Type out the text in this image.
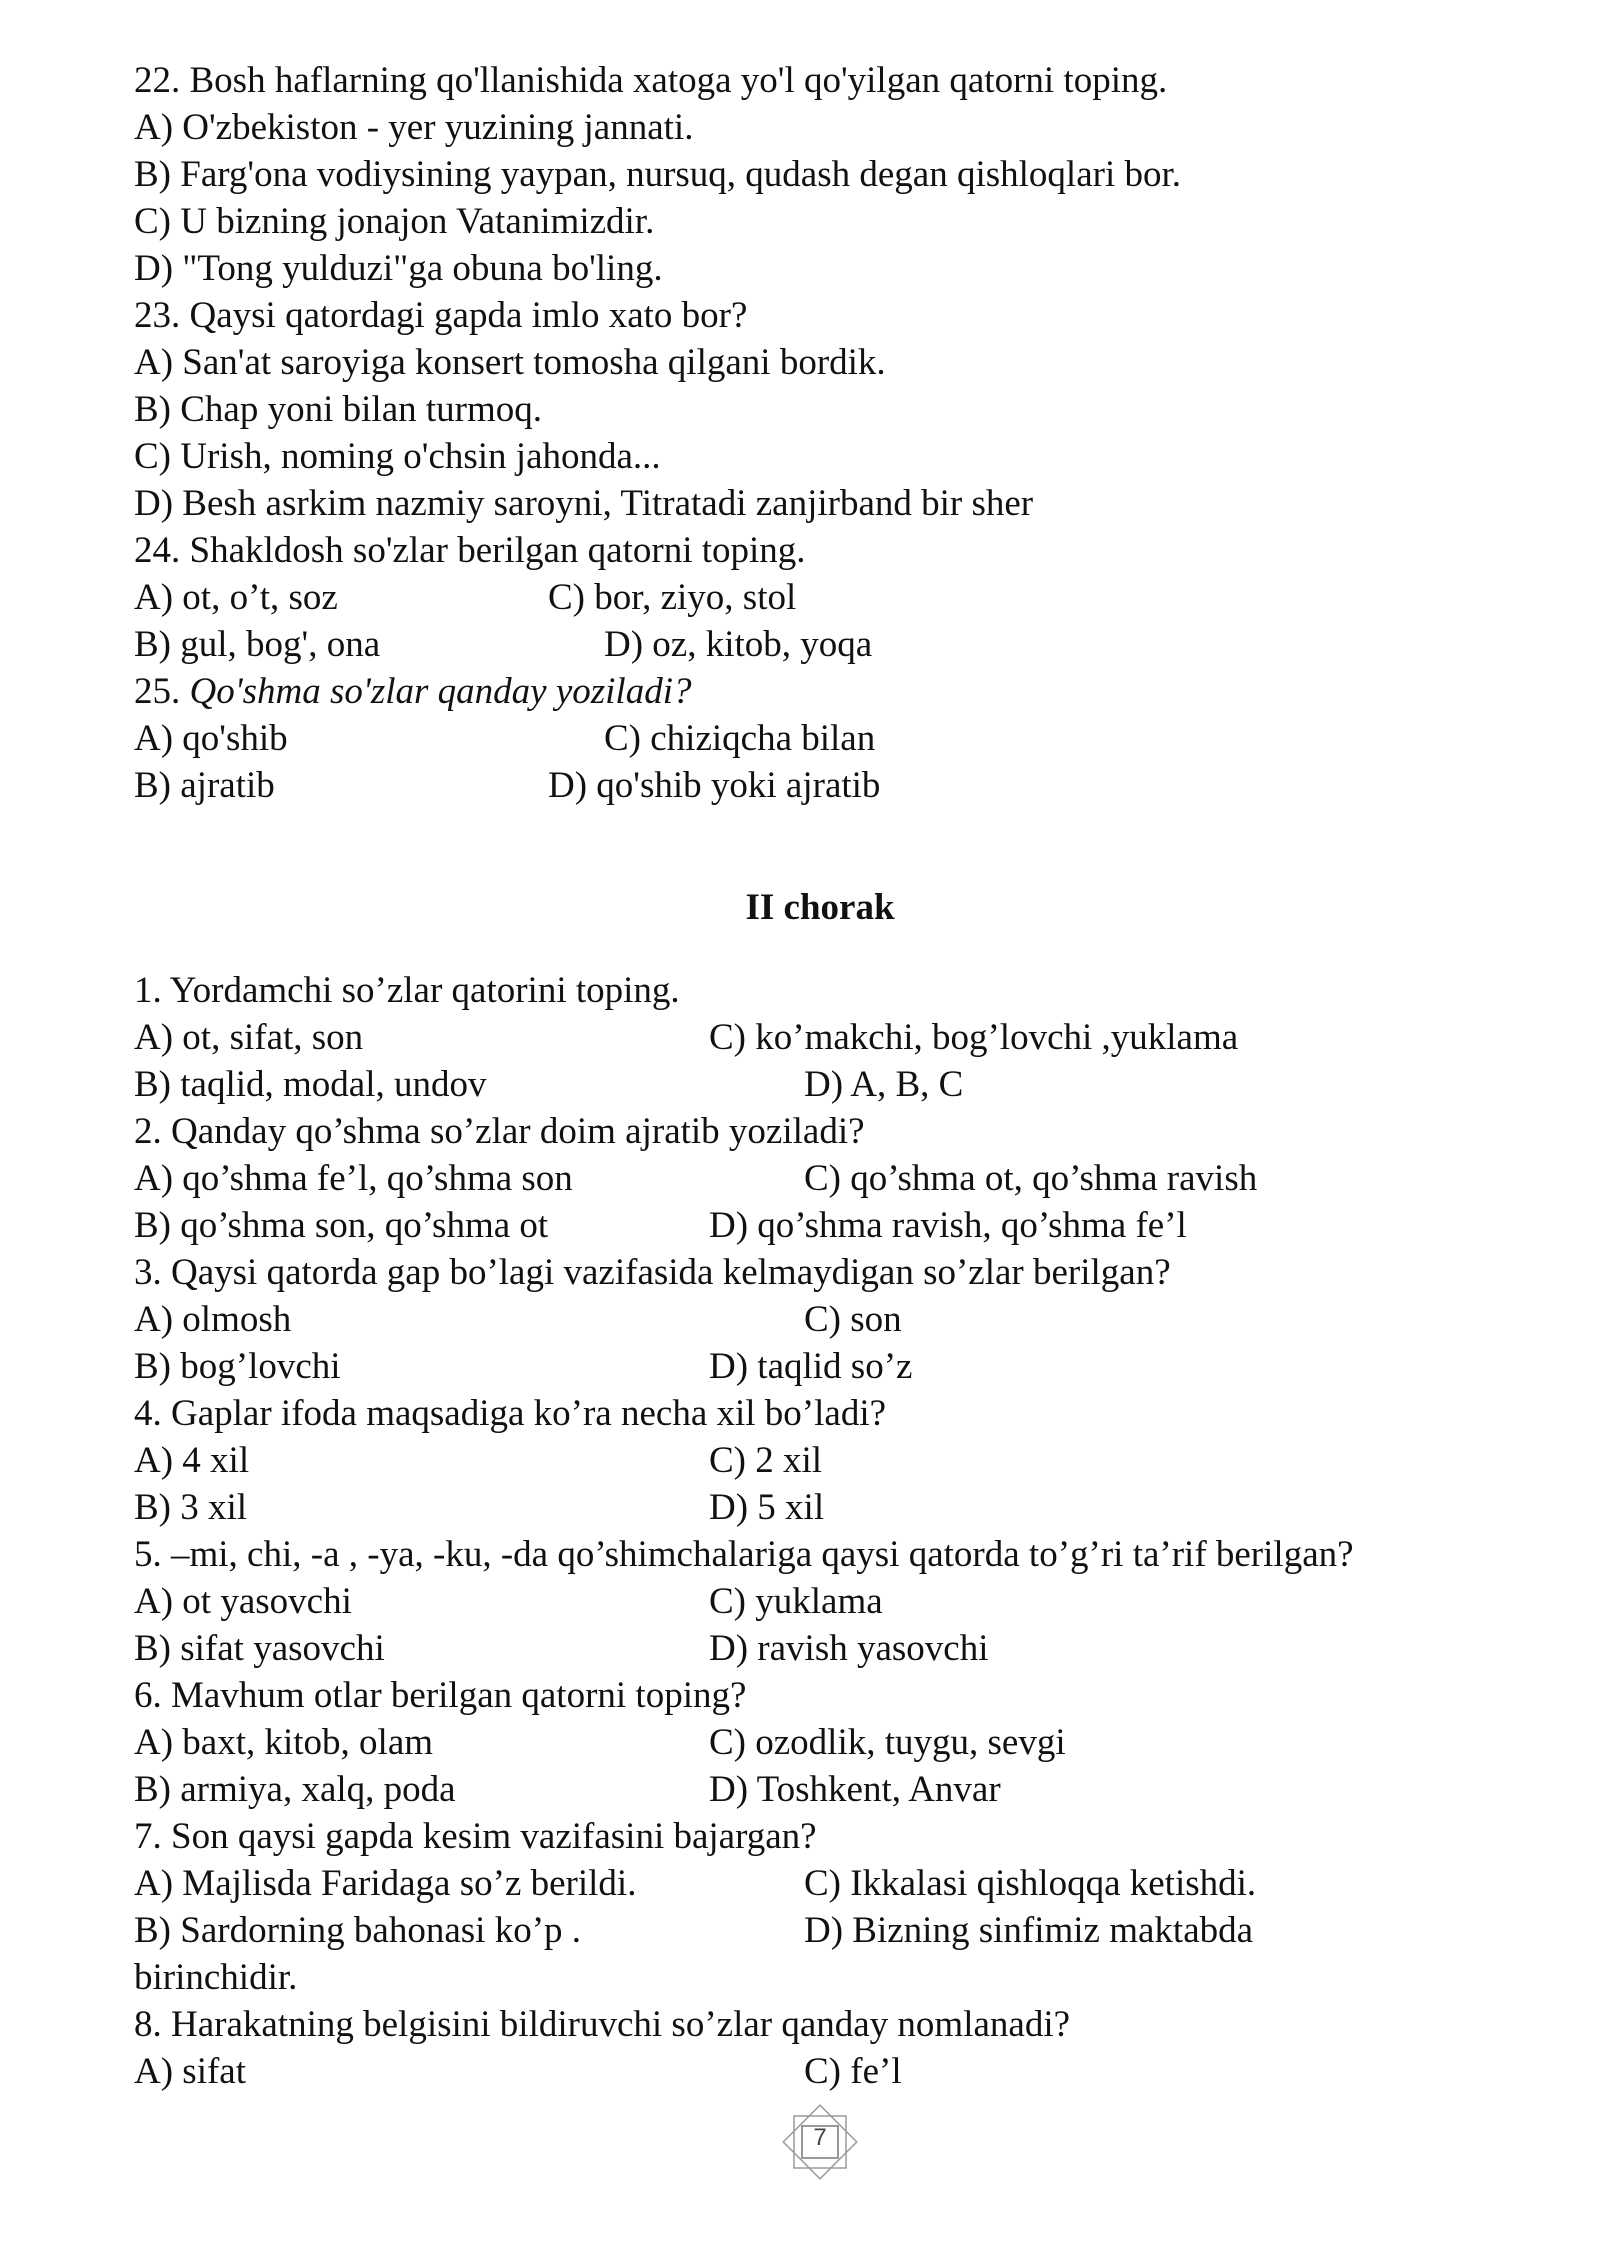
22. Bosh haflarning qo'llanishida xatoga yo'l qo'yilgan qatorni toping.
A) O'zbekiston - yer yuzining jannati.
B) Farg'ona vodiysining yaypan, nursuq, qudash degan qishloqlari bor.
C) U bizning jonajon Vatanimizdir.
D) "Tong yulduzi"ga obuna bo'ling.
23. Qaysi qatordagi gapda imlo xato bor?
A) San'at saroyiga konsert tomosha qilgani bordik.
B) Chap yoni bilan turmoq.
C) Urish, noming o'chsin jahonda...
D) Besh asrkim nazmiy saroyni, Titratadi zanjirband bir sher
24. Shakldosh so'zlar berilgan qatorni toping.
A) ot, o’t, soz	C) bor, ziyo, stol
B) gul, bog', ona	D) oz, kitob, yoqa
25. Qo'shma so'zlar qanday yoziladi?
A) qo'shib	C) chiziqcha bilan
B) ajratib	D) qo'shib yoki ajratib
II chorak
1. Yordamchi so’zlar qatorini toping.
A) ot, sifat, son	C) ko’makchi, bog’lovchi ,yuklama
B) taqlid, modal, undov	D) A, B, C
2. Qanday qo’shma so’zlar doim ajratib yoziladi?
A) qo’shma fe’l, qo’shma son	C) qo’shma ot, qo’shma ravish
B) qo’shma son, qo’shma ot	D) qo’shma ravish, qo’shma fe’l
3. Qaysi qatorda gap bo’lagi vazifasida kelmaydigan so’zlar berilgan?
A) olmosh	C) son
B) bog’lovchi	D) taqlid so’z
4. Gaplar ifoda maqsadiga ko’ra necha xil bo’ladi?
A) 4 xil	C) 2 xil
B) 3 xil	D) 5 xil
5. –mi, chi, -a , -ya, -ku, -da qo’shimchalariga qaysi qatorda to’g’ri ta’rif berilgan?
A) ot yasovchi	C) yuklama
B) sifat yasovchi	D) ravish yasovchi
6. Mavhum otlar berilgan qatorni toping?
A) baxt, kitob, olam	C) ozodlik, tuygu, sevgi
B) armiya, xalq, poda	D) Toshkent, Anvar
7. Son qaysi gapda kesim vazifasini bajargan?
A) Majlisda Faridaga so’z berildi.	C) Ikkalasi qishloqqa ketishdi.
B) Sardorning bahonasi ko’p .	D) Bizning sinfimiz maktabda
birinchidir.
8. Harakatning belgisini bildiruvchi so’zlar qanday nomlanadi?
A) sifat	C) fe’l
7
